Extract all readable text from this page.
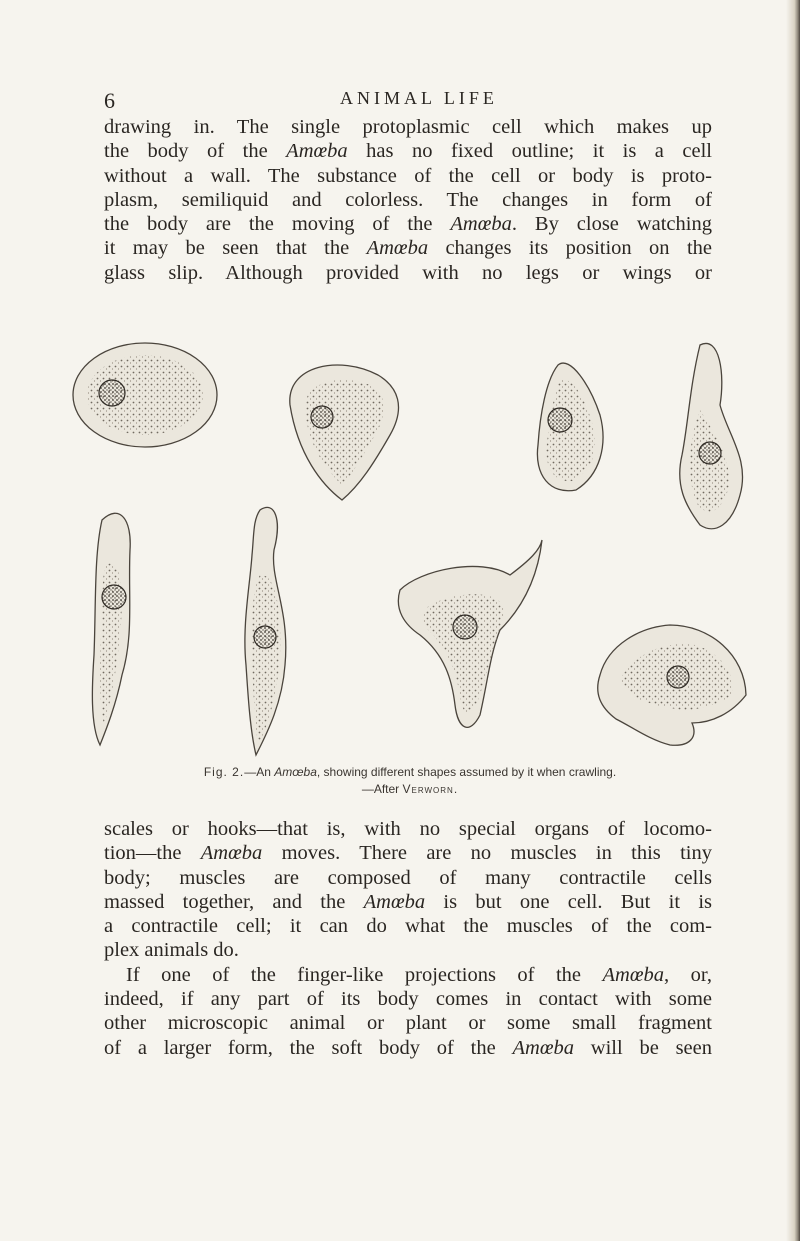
6	ANIMAL LIFE
drawing in. The single protoplasmic cell which makes up
the body of the Amœba has no fixed outline; it is a cell
without a wall. The substance of the cell or body is proto-
plasm, semiliquid and colorless. The changes in form of
the body are the moving of the Amœba. By close watching
it may be seen that the Amœba changes its position on the
glass slip. Although provided with no legs or wings or
Fig. 2.—An Amœba, showing different shapes assumed by it when crawling.
—After Verworn.
scales or hooks—that is, with no special organs of locomo-
tion—the Amœba moves. There are no muscles in this tiny
body; muscles are composed of many contractile cells
massed together, and the Amœba is but one cell. But it is
a contractile cell; it can do what the muscles of the com-
plex animals do.
If one of the finger-like projections of the Amœba, or,
indeed, if any part of its body comes in contact with some
other microscopic animal or plant or some small fragment
of a larger form, the soft body of the Amœba will be seen
